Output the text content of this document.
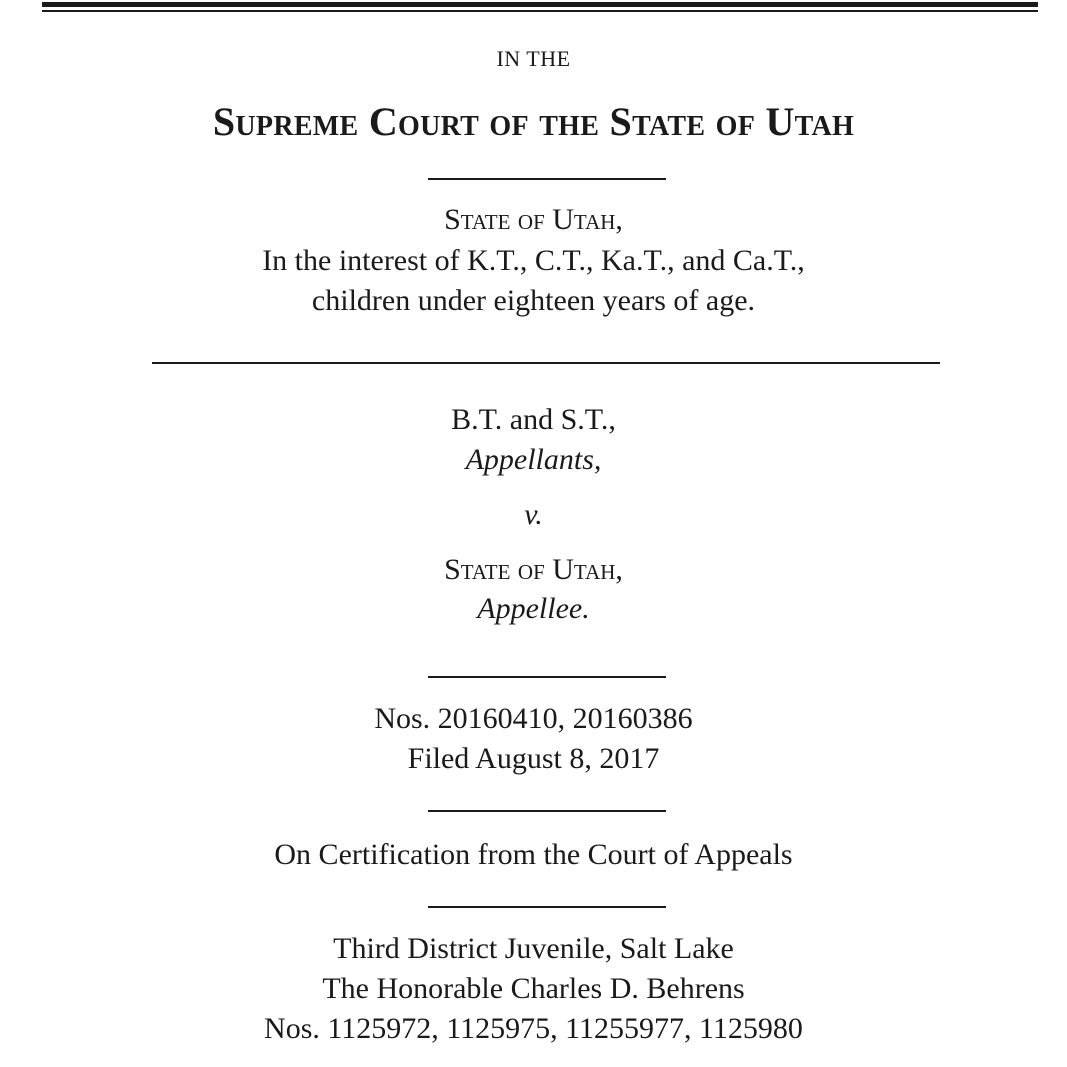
IN THE
Supreme Court of the State of Utah
State of Utah,
In the interest of K.T., C.T., Ka.T., and Ca.T.,
children under eighteen years of age.
B.T. and S.T.,
Appellants,
v.
State of Utah,
Appellee.
Nos. 20160410, 20160386
Filed August 8, 2017
On Certification from the Court of Appeals
Third District Juvenile, Salt Lake
The Honorable Charles D. Behrens
Nos. 1125972, 1125975, 11255977, 1125980
